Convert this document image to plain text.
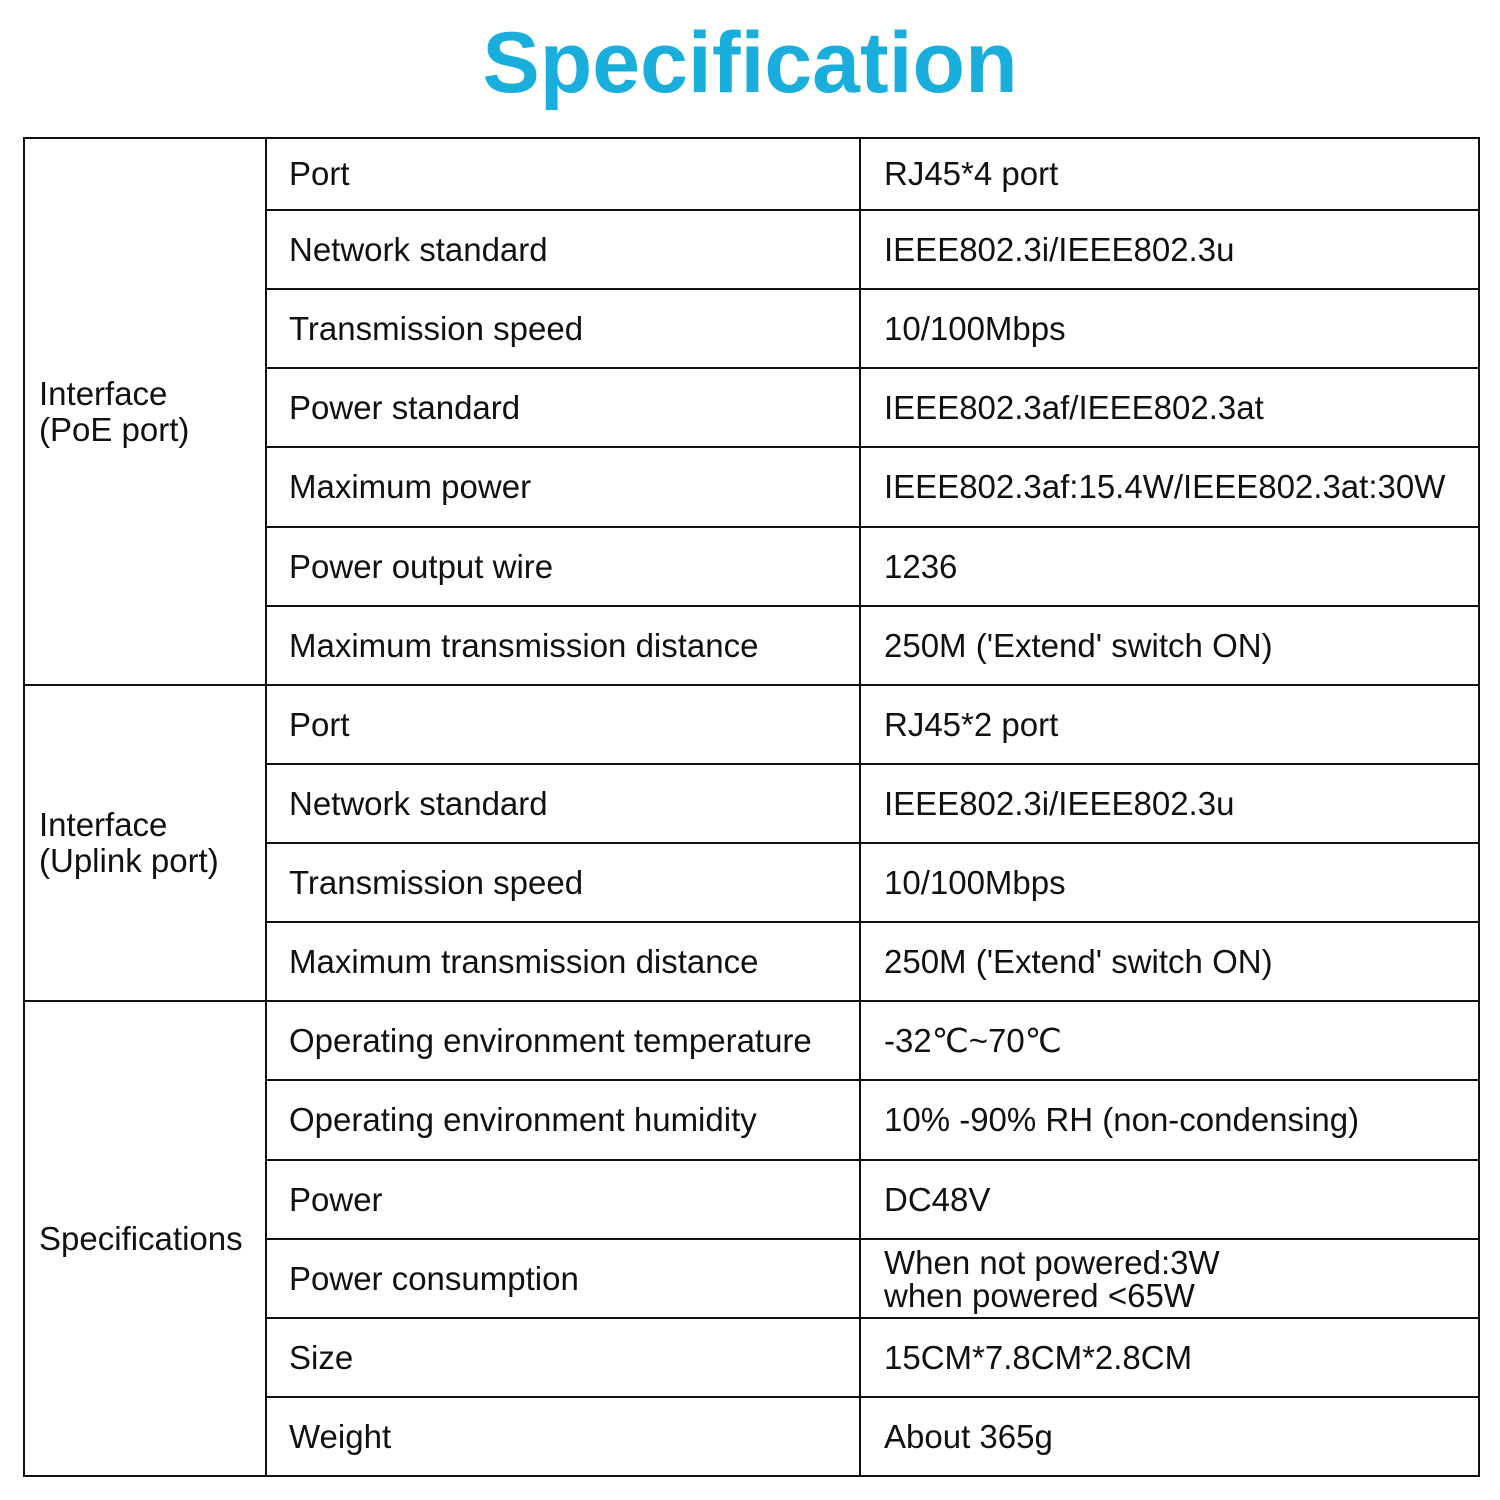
Specification
Interface
(PoE port)	Port	RJ45*4 port
	Network standard	IEEE802.3i/IEEE802.3u
	Transmission speed	10/100Mbps
	Power standard	IEEE802.3af/IEEE802.3at
	Maximum power	IEEE802.3af:15.4W/IEEE802.3at:30W
	Power output wire	1236
	Maximum transmission distance	250M ('Extend' switch ON)

Interface
(Uplink port)	Port	RJ45*2 port
	Network standard	IEEE802.3i/IEEE802.3u
	Transmission speed	10/100Mbps
	Maximum transmission distance	250M ('Extend' switch ON)

Specifications	Operating environment temperature	-32℃~70℃
	Operating environment humidity	10% -90% RH (non-condensing)
	Power	DC48V
	Power consumption	When not powered:3W
when powered <65W

	Size	15CM*7.8CM*2.8CM
	Weight	About 365g
